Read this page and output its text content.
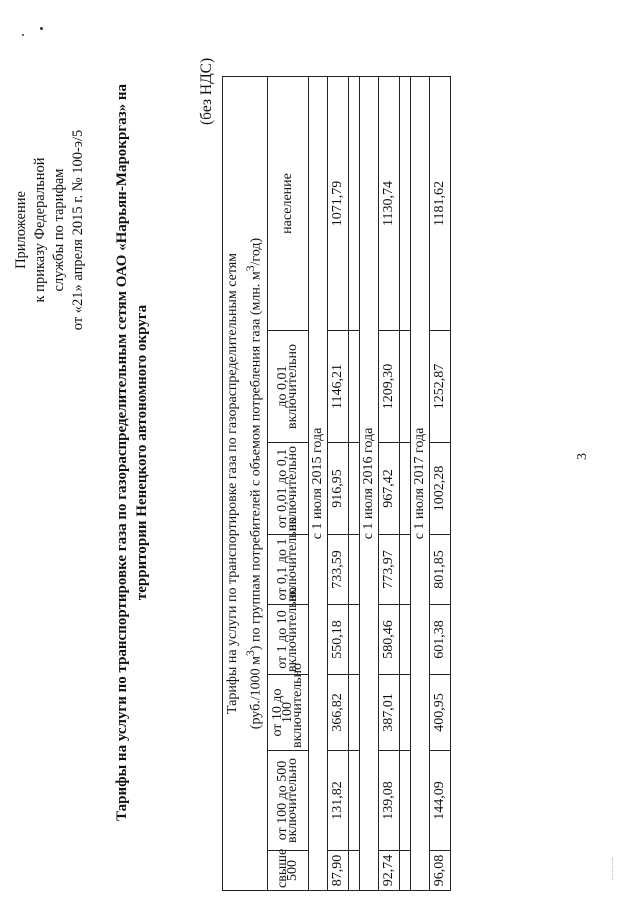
Приложение к приказу Федеральной службы по тарифам от «21» апреля 2015 г. № 100-э/5 Тарифы на услуги по транспортировке газа по газораспределительным сетям ОАО «Нарьян-Марокргаз» на территории Ненецкого автономного округа
(без НДС)
Тарифы на услуги по транспортировке газа по газораспределительным сетям (руб./1000 $м^3$) по группам потребителей с объемом потребления газа (млн. $м^3/год$)							

свыше 500	от 100 до 500 включительно	от 10 до 100 включительно	от 1 до 10 включительно	от 0,1 до 1 включительно	от 0,01 до 0,1 включительно	до 0,01 включительно	население
с 1 июля 2015 года							
87,90	131,82	366,82	550,18	733,59	916,95	1146,21	1071,79

с 1 июля 2016 года							
92,74	139,08	387,01	580,46	773,97	967,42	1209,30	1130,74

с 1 июля 2017 года							
96,08	144,09	400,95	601,38	801,85	1002,28	1252,87	1181,62
3
